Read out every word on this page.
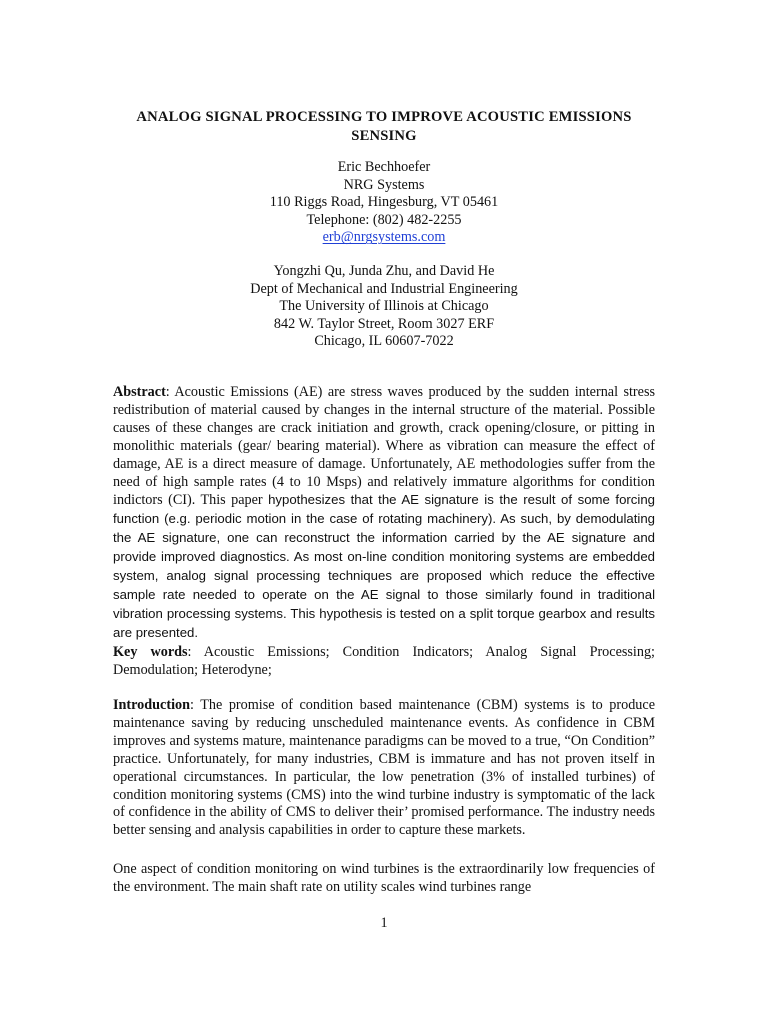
ANALOG SIGNAL PROCESSING TO IMPROVE ACOUSTIC EMISSIONS
SENSING
Eric Bechhoefer
NRG Systems
110 Riggs Road, Hingesburg, VT 05461
Telephone: (802) 482-2255
erb@nrgsystems.com
Yongzhi Qu, Junda Zhu, and David He
Dept of Mechanical and Industrial Engineering
The University of Illinois at Chicago
842 W. Taylor Street, Room 3027 ERF
Chicago, IL 60607-7022

Abstract: Acoustic Emissions (AE) are stress waves produced by the sudden internal stress redistribution of material caused by changes in the internal structure of the material. Possible causes of these changes are crack initiation and growth, crack opening/closure, or pitting in monolithic materials (gear/ bearing material). Where as vibration can measure the effect of damage, AE is a direct measure of damage. Unfortunately, AE methodologies suffer from the need of high sample rates (4 to 10 Msps) and relatively immature algorithms for condition indictors (CI). This paper hypothesizes that the AE signature is the result of some forcing function (e.g. periodic motion in the case of rotating machinery). As such, by demodulating the AE signature, one can reconstruct the information carried by the AE signature and provide improved diagnostics. As most on-line condition monitoring systems are embedded system, analog signal processing techniques are proposed which reduce the effective sample rate needed to operate on the AE signal to those similarly found in traditional vibration processing systems. This hypothesis is tested on a split torque gearbox and results are presented.

Key words: Acoustic Emissions; Condition Indicators; Analog Signal Processing; Demodulation; Heterodyne;

Introduction: The promise of condition based maintenance (CBM) systems is to produce maintenance saving by reducing unscheduled maintenance events. As confidence in CBM improves and systems mature, maintenance paradigms can be moved to a true, “On Condition” practice. Unfortunately, for many industries, CBM is immature and has not proven itself in operational circumstances. In particular, the low penetration (3% of installed turbines) of condition monitoring systems (CMS) into the wind turbine industry is symptomatic of the lack of confidence in the ability of CMS to deliver their’ promised performance. The industry needs better sensing and analysis capabilities in order to capture these markets.

One aspect of condition monitoring on wind turbines is the extraordinarily low frequencies of the environment. The main shaft rate on utility scales wind turbines range

1
